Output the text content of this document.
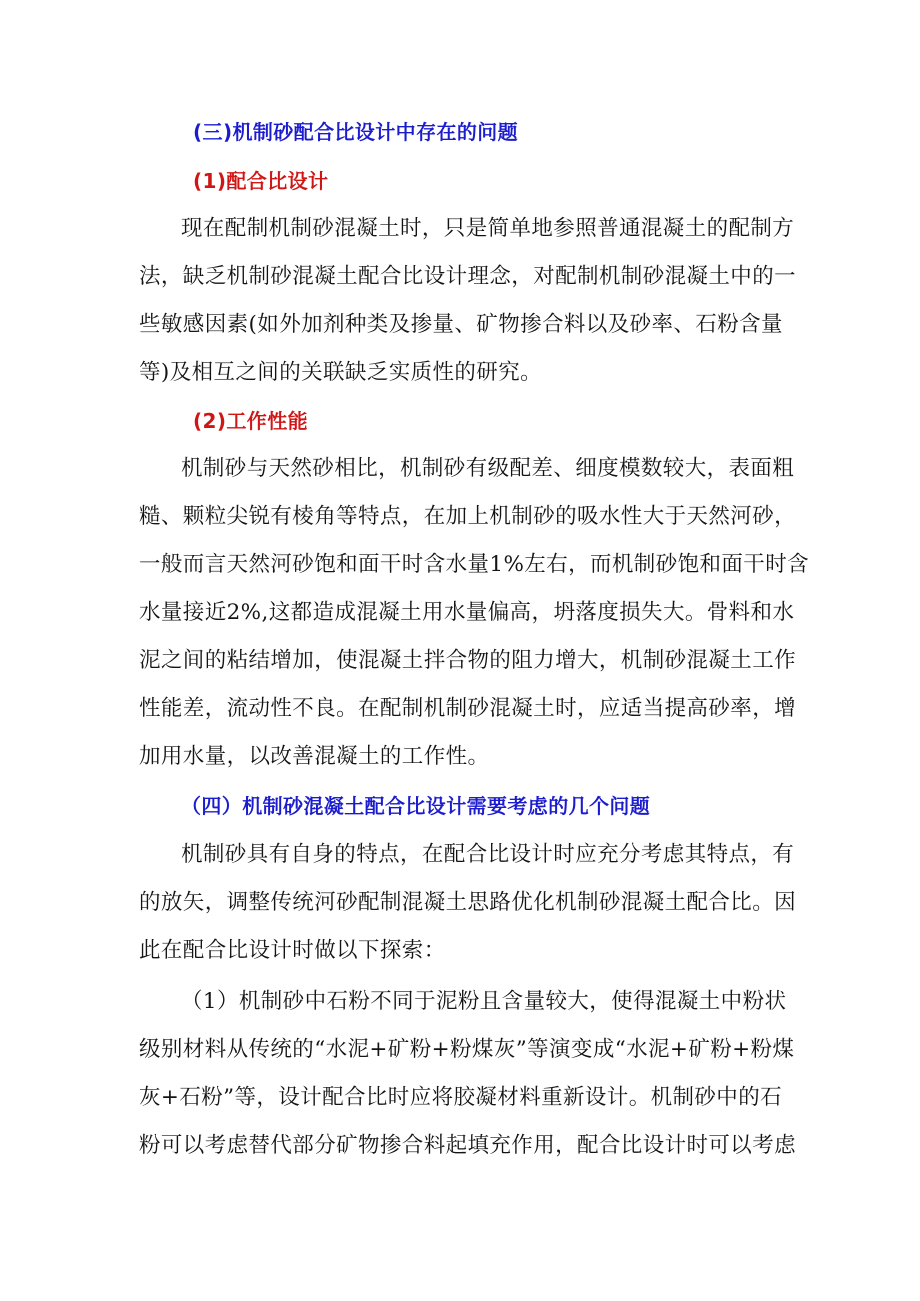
(三)机制砂配合比设计中存在的问题
(1)配合比设计
现在配制机制砂混凝土时，只是简单地参照普通混凝土的配制方
法，缺乏机制砂混凝土配合比设计理念，对配制机制砂混凝土中的一
些敏感因素(如外加剂种类及掺量、矿物掺合料以及砂率、石粉含量
等)及相互之间的关联缺乏实质性的研究。
(2)工作性能
机制砂与天然砂相比，机制砂有级配差、细度模数较大，表面粗
糙、颗粒尖锐有棱角等特点，在加上机制砂的吸水性大于天然河砂，
一般而言天然河砂饱和面干时含水量1%左右，而机制砂饱和面干时含
水量接近2%,这都造成混凝土用水量偏高，坍落度损失大。骨料和水
泥之间的粘结增加，使混凝土拌合物的阻力增大，机制砂混凝土工作
性能差，流动性不良。在配制机制砂混凝土时，应适当提高砂率，增
加用水量，以改善混凝土的工作性。
（四）机制砂混凝土配合比设计需要考虑的几个问题
机制砂具有自身的特点，在配合比设计时应充分考虑其特点，有
的放矢，调整传统河砂配制混凝土思路优化机制砂混凝土配合比。因
此在配合比设计时做以下探索：
（1）机制砂中石粉不同于泥粉且含量较大，使得混凝土中粉状
级别材料从传统的“水泥+矿粉+粉煤灰”等演变成“水泥+矿粉+粉煤
灰+石粉”等，设计配合比时应将胶凝材料重新设计。机制砂中的石
粉可以考虑替代部分矿物掺合料起填充作用，配合比设计时可以考虑
